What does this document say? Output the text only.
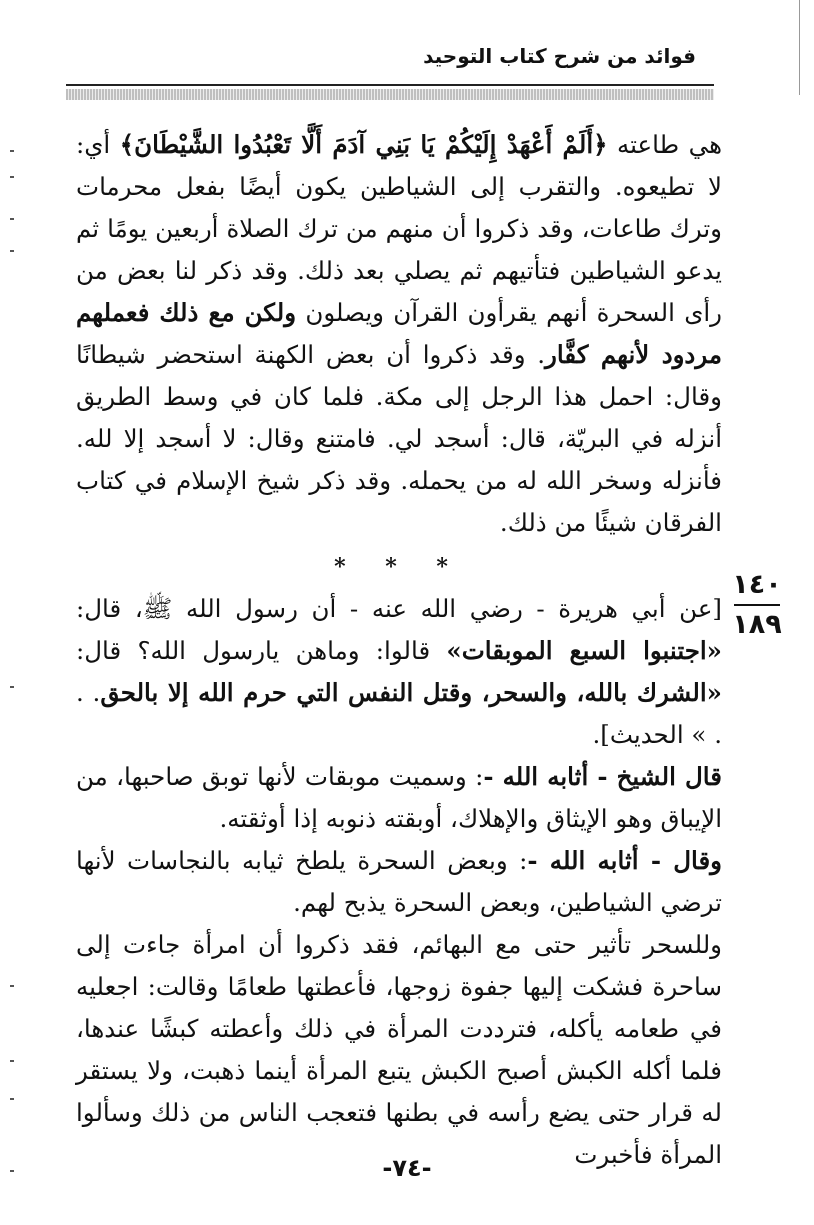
فوائد من شرح كتاب التوحيد
١٤٠
١٨٩

هي طاعته ﴿أَلَمْ أَعْهَدْ إِلَيْكُمْ يَا بَنِي آدَمَ أَلَّا تَعْبُدُوا الشَّيْطَانَ﴾ أي: لا تطيعوه. والتقرب إلى الشياطين يكون أيضًا بفعل محرمات وترك طاعات، وقد ذكروا أن منهم من ترك الصلاة أربعين يومًا ثم يدعو الشياطين فتأتيهم ثم يصلي بعد ذلك. وقد ذكر لنا بعض من رأى السحرة أنهم يقرأون القرآن ويصلون ولكن مع ذلك فعملهم مردود لأنهم كفَّار. وقد ذكروا أن بعض الكهنة استحضر شيطانًا وقال: احمل هذا الرجل إلى مكة. فلما كان في وسط الطريق أنزله في البريّة، قال: أسجد لي. فامتنع وقال: لا أسجد إلا لله. فأنزله وسخر الله له من يحمله. وقد ذكر شيخ الإسلام في كتاب الفرقان شيئًا من ذلك.

* * *

[عن أبي هريرة - رضي الله عنه - أن رسول الله ﷺ، قال: «اجتنبوا السبع الموبقات» قالوا: وماهن يارسول الله؟ قال: «الشرك بالله، والسحر، وقتل النفس التي حرم الله إلا بالحق. . . » الحديث].

قال الشيخ - أثابه الله -: وسميت موبقات لأنها توبق صاحبها، من الإيباق وهو الإيثاق والإهلاك، أوبقته ذنوبه إذا أوثقته.

وقال - أثابه الله -: وبعض السحرة يلطخ ثيابه بالنجاسات لأنها ترضي الشياطين، وبعض السحرة يذبح لهم.

وللسحر تأثير حتى مع البهائم، فقد ذكروا أن امرأة جاءت إلى ساحرة فشكت إليها جفوة زوجها، فأعطتها طعامًا وقالت: اجعليه في طعامه يأكله، فترددت المرأة في ذلك وأعطته كبشًا عندها، فلما أكله الكبش أصبح الكبش يتبع المرأة أينما ذهبت، ولا يستقر له قرار حتى يضع رأسه في بطنها فتعجب الناس من ذلك وسألوا المرأة فأخبرت

-٧٤-
